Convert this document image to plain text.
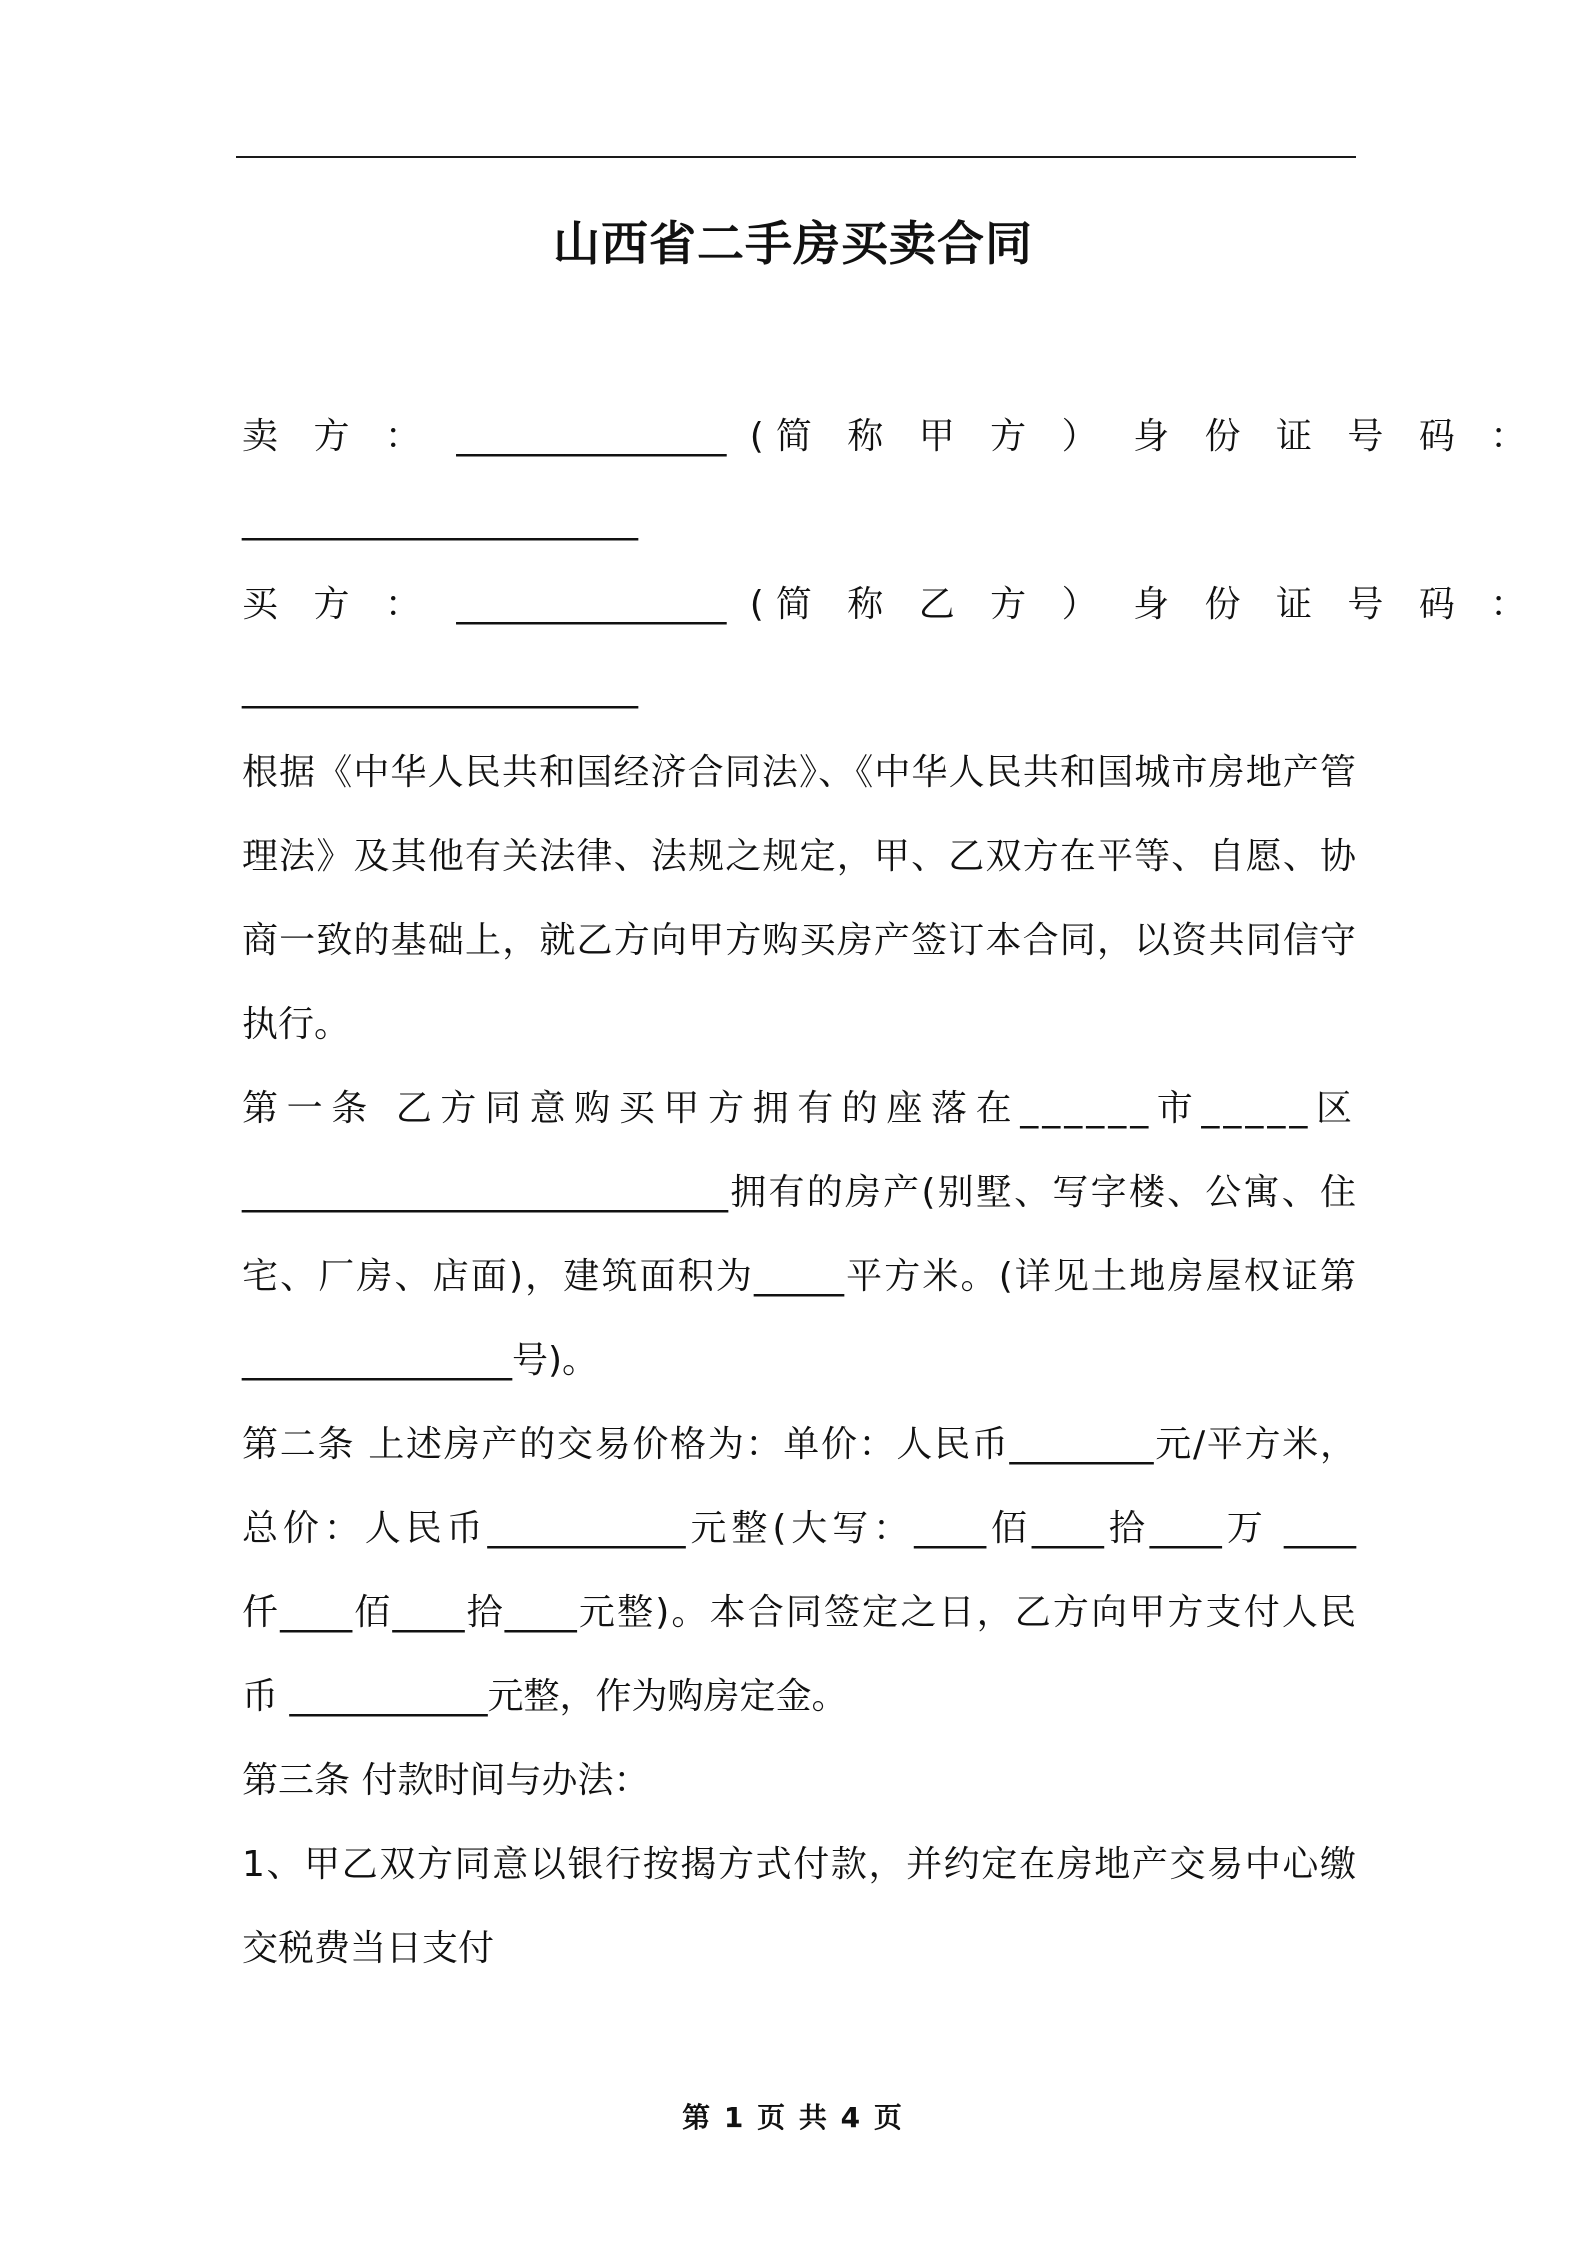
山西省二手房买卖合同
卖 方 ： _______________ (简 称 甲 方 ） 身 份 证 号 码 ：
______________________
买 方 ： _______________ (简 称 乙 方 ） 身 份 证 号 码 ：
______________________
根据《中华人民共和国经济合同法》、《中华人民共和国城市房地产管
理法》及其他有关法律、法规之规定，甲、乙双方在平等、自愿、协
商一致的基础上，就乙方向甲方购买房产签订本合同，以资共同信守
执行。
第一条 乙方同意购买甲方拥有的座落在______市_____区
___________________________拥有的房产(别墅、写字楼、公寓、住
宅、厂房、店面)，建筑面积为_____平方米。(详见土地房屋权证第
_______________号)。
第二条 上述房产的交易价格为：单价：人民币________元/平方米，
总价：人民币___________元整(大写：____佰____拾____万 ____
仟____佰____拾____元整)。本合同签定之日，乙方向甲方支付人民
币 ___________元整，作为购房定金。
第三条 付款时间与办法：
1、甲乙双方同意以银行按揭方式付款，并约定在房地产交易中心缴
交税费当日支付
第 1 页 共 4 页
